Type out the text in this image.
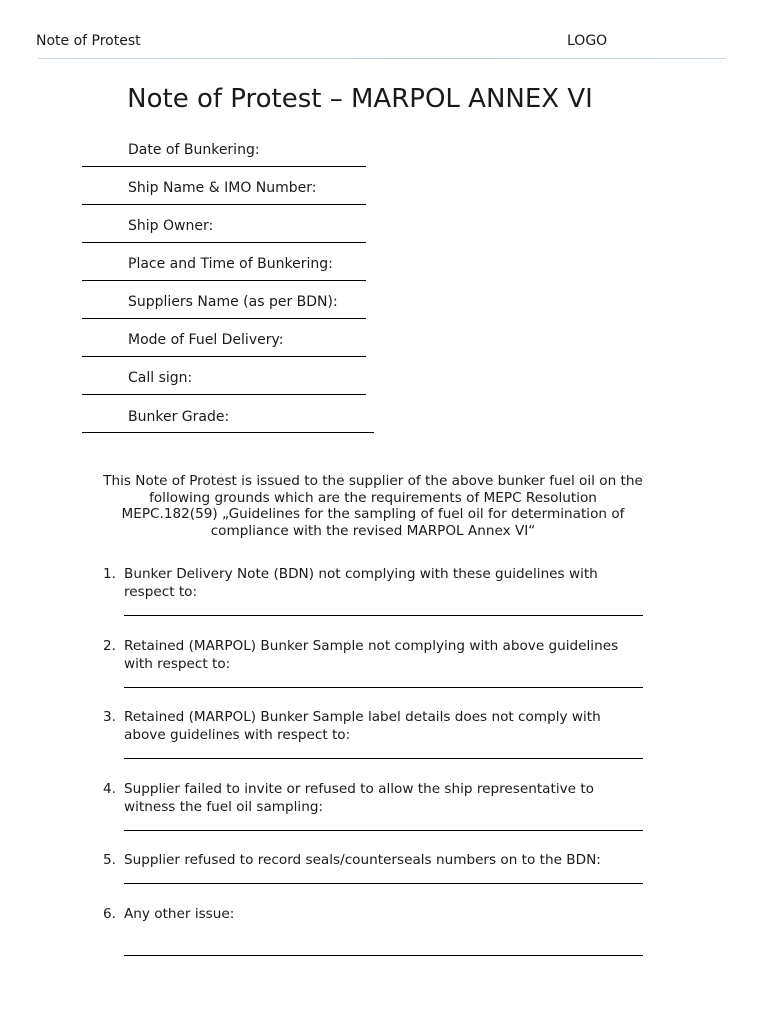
Note of Protest	LOGO
Note of Protest – MARPOL ANNEX VI
Date of Bunkering:
Ship Name & IMO Number:
Ship Owner:
Place and Time of Bunkering:
Suppliers Name (as per BDN):
Mode of Fuel Delivery:
Call sign:
Bunker Grade:
This Note of Protest is issued to the supplier of the above bunker fuel oil on the following grounds which are the requirements of MEPC Resolution MEPC.182(59) „Guidelines for the sampling of fuel oil for determination of compliance with the revised MARPOL Annex VI“
1. Bunker Delivery Note (BDN) not complying with these guidelines with respect to:
2. Retained (MARPOL) Bunker Sample not complying with above guidelines with respect to:
3. Retained (MARPOL) Bunker Sample label details does not comply with above guidelines with respect to:
4. Supplier failed to invite or refused to allow the ship representative to witness the fuel oil sampling:
5. Supplier refused to record seals/counterseals numbers on to the BDN:
6. Any other issue:
